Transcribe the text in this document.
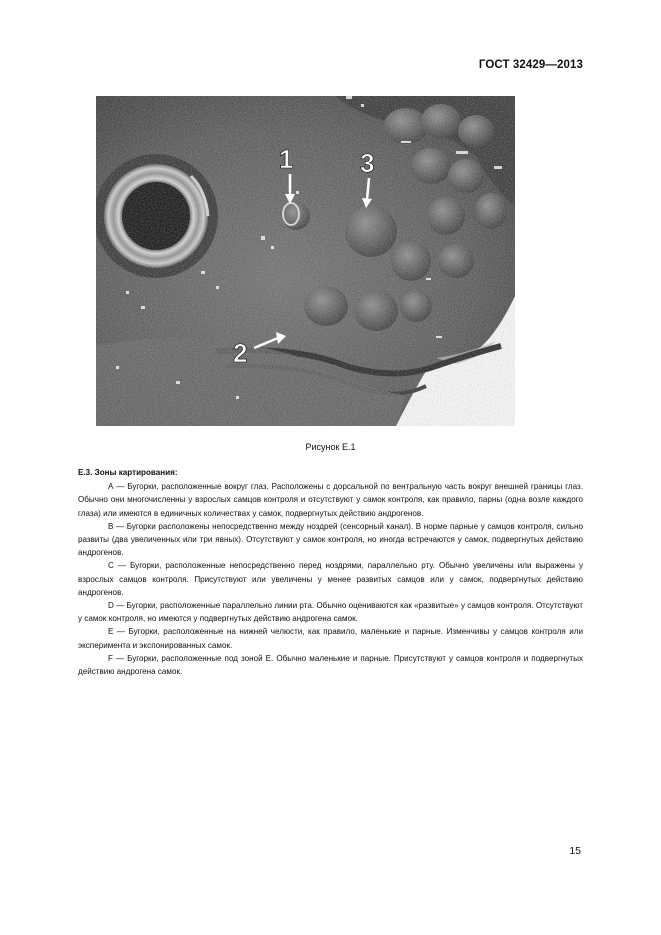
ГОСТ 32429—2013
1
2
3
Рисунок Е.1
Е.3. Зоны картирования:

А — Бугорки, расположенные вокруг глаз. Расположены с дорсальной по вентральную часть вокруг внешней границы глаз. Обычно они многочисленны у взрослых самцов контроля и отсутствуют у самок контроля, как правило, парны (одна возле каждого глаза) или имеются в единичных количествах у самок, подвергнутых действию андрогенов.

В — Бугорки расположены непосредственно между ноздрей (сенсорный канал). В норме парные у самцов контроля, сильно развиты (два увеличенных или три явных). Отсутствуют у самок контроля, но иногда встречаются у самок, подвергнутых действию андрогенов.

С — Бугорки, расположенные непосредственно перед ноздрями, параллельно рту. Обычно увеличены или выражены у взрослых самцов контроля. Присутствуют или увеличены у менее развитых самцов или у самок, подвергнутых действию андрогенов.

D — Бугорки, расположенные параллельно линии рта. Обычно оцениваются как «развитые» у самцов контроля. Отсутствуют у самок контроля, но имеются у подвергнутых действию андрогена самок.

Е — Бугорки, расположенные на нижней челюсти, как правило, маленькие и парные. Изменчивы у самцов контроля или эксперимента и экспонированных самок.

F — Бугорки, расположенные под зоной Е. Обычно маленькие и парные. Присутствуют у самцов контроля и подвергнутых действию андрогена самок.

15
